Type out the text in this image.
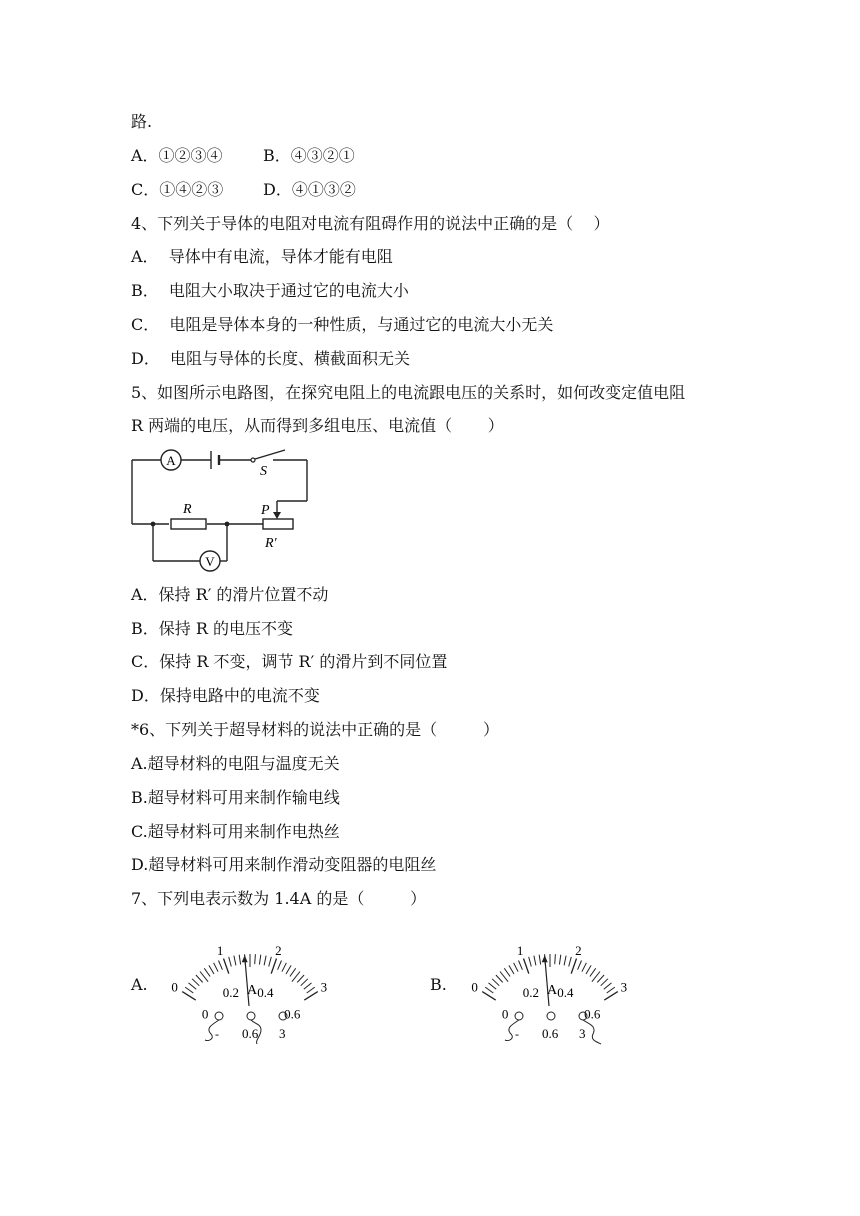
路.
A．①②③④	B．④③②①
C．①④②③ D．④①③②
4、下列关于导体的电阻对电流有阻碍作用的说法中正确的是（    ）
A．  导体中有电流，导体才能有电阻
B．  电阻大小取决于通过它的电流大小
C．  电阻是导体本身的一种性质，与通过它的电流大小无关
D．  电阻与导体的长度、横截面积无关
5、如图所示电路图，在探究电阻上的电流跟电压的关系时，如何改变定值电阻
R 两端的电压，从而得到多组电压、电流值（       ）
A
S
R	P
R′
V
A．保持 R′ 的滑片位置不动
B．保持 R 的电压不变
C．保持 R 不变，调节 R′ 的滑片到不同位置
D．保持电路中的电流不变
*6、下列关于超导材料的说法中正确的是（         ）
A.超导材料的电阻与温度无关
B.超导材料可用来制作输电线
C.超导材料可用来制作电热丝
D.超导材料可用来制作滑动变阻器的电阻丝
7、下列电表示数为 1.4A 的是（         ）
A. 0
1	2
3
0
0.2 0.4
0.6
A
- 0.6 3
B. 0
1	2
3
0
0.2 0.4
0.6
A
- 0.6 3
